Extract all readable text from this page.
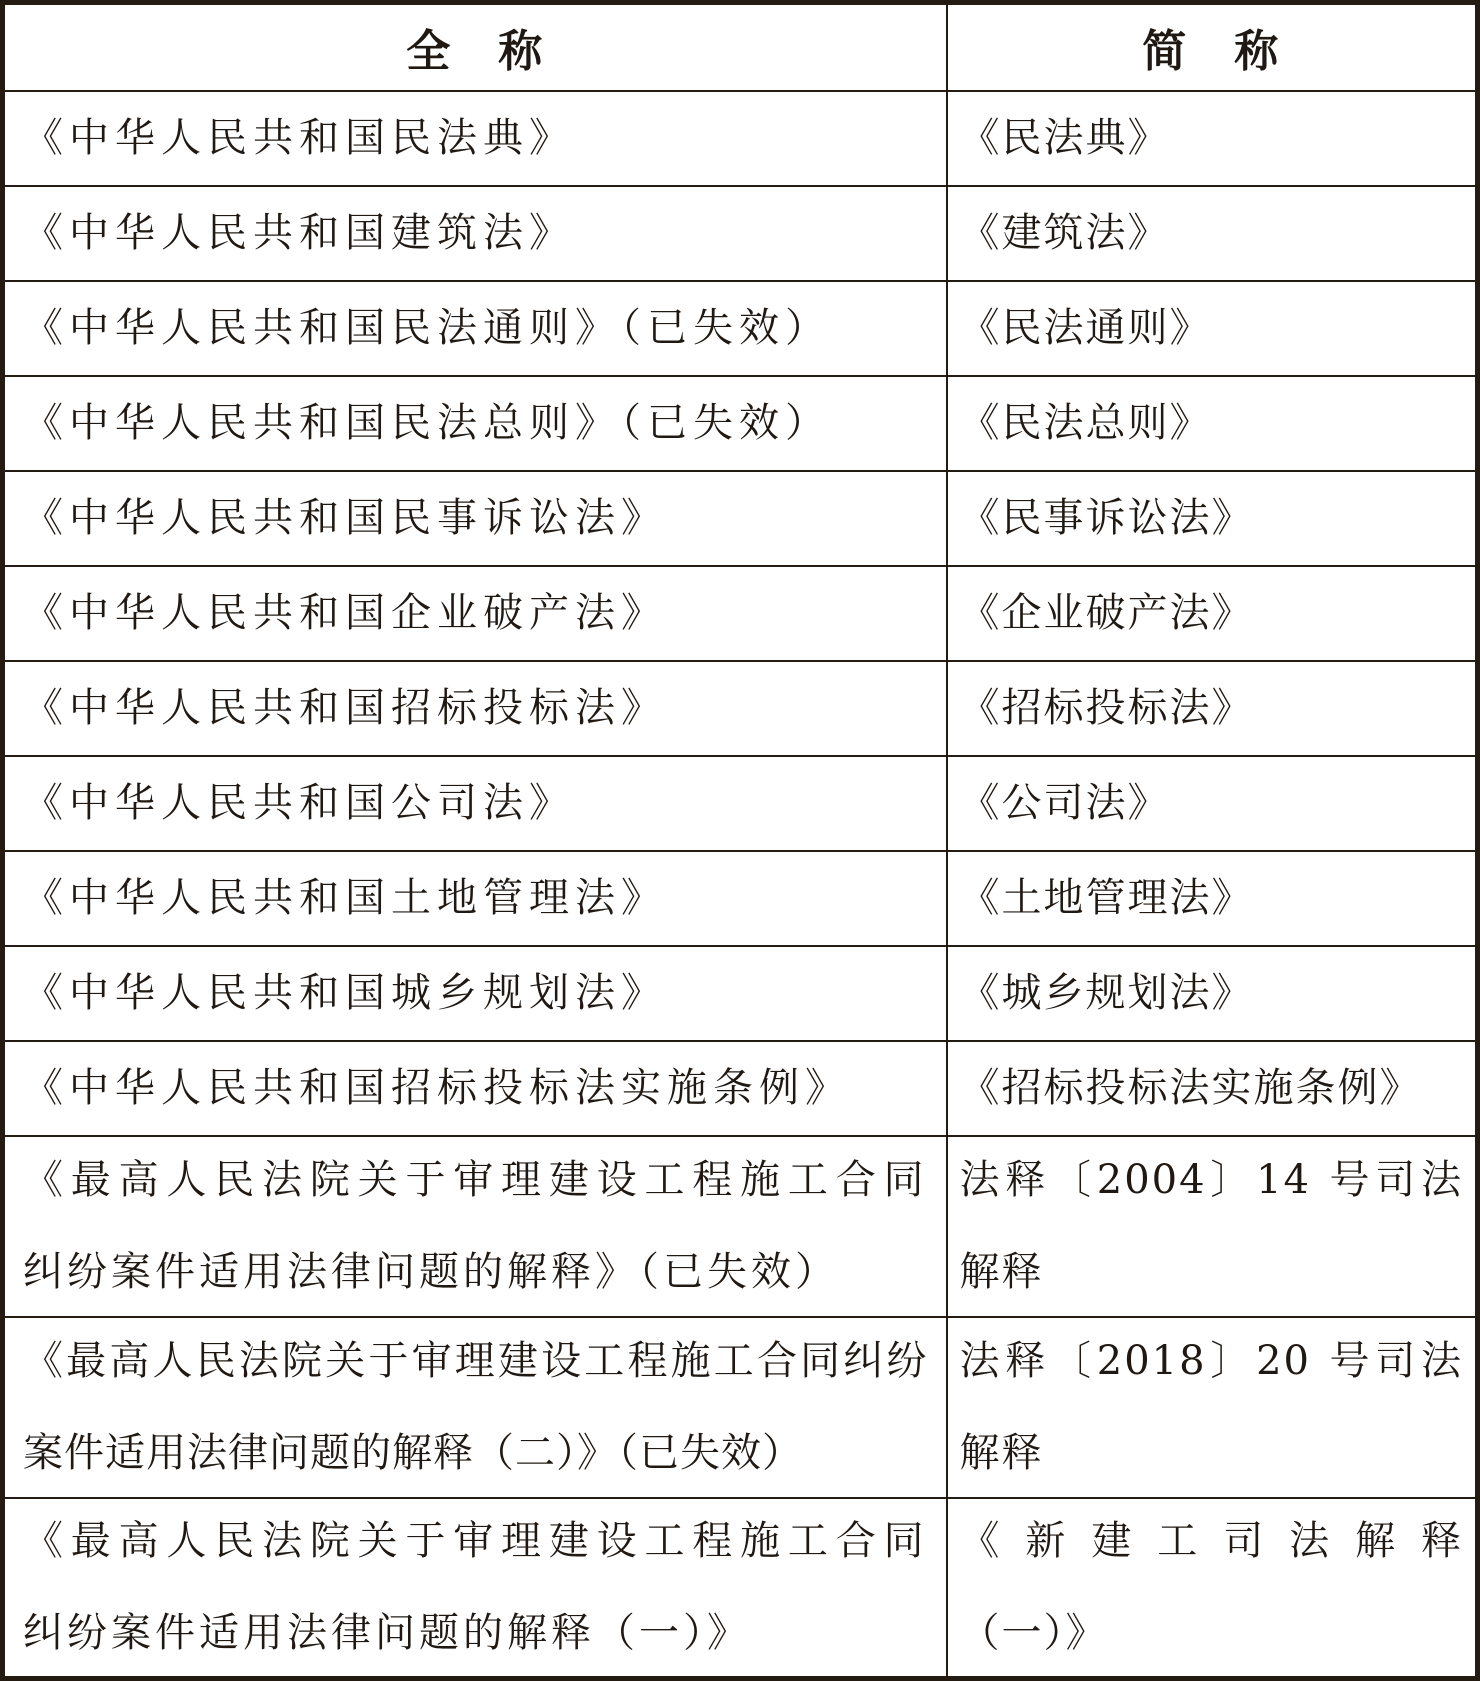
全　称	简　称

《中华人民共和国民法典》	《民法典》

《中华人民共和国建筑法》	《建筑法》

《中华人民共和国民法通则》（已失效）	《民法通则》

《中华人民共和国民法总则》（已失效）	《民法总则》

《中华人民共和国民事诉讼法》	《民事诉讼法》

《中华人民共和国企业破产法》	《企业破产法》

《中华人民共和国招标投标法》	《招标投标法》

《中华人民共和国公司法》	《公司法》

《中华人民共和国土地管理法》	《土地管理法》

《中华人民共和国城乡规划法》	《城乡规划法》

《中华人民共和国招标投标法实施条例》	《招标投标法实施条例》

《最高人民法院关于审理建设工程施工合同
纠纷案件适用法律问题的解释》（已失效）	法释〔2004〕14 号司法
解释

《最高人民法院关于审理建设工程施工合同纠纷
案件适用法律问题的解释（二）》（已失效）	法释〔2018〕20 号司法
解释

《最高人民法院关于审理建设工程施工合同
纠纷案件适用法律问题的解释（一）》	《新建工司法解释
（一）》
